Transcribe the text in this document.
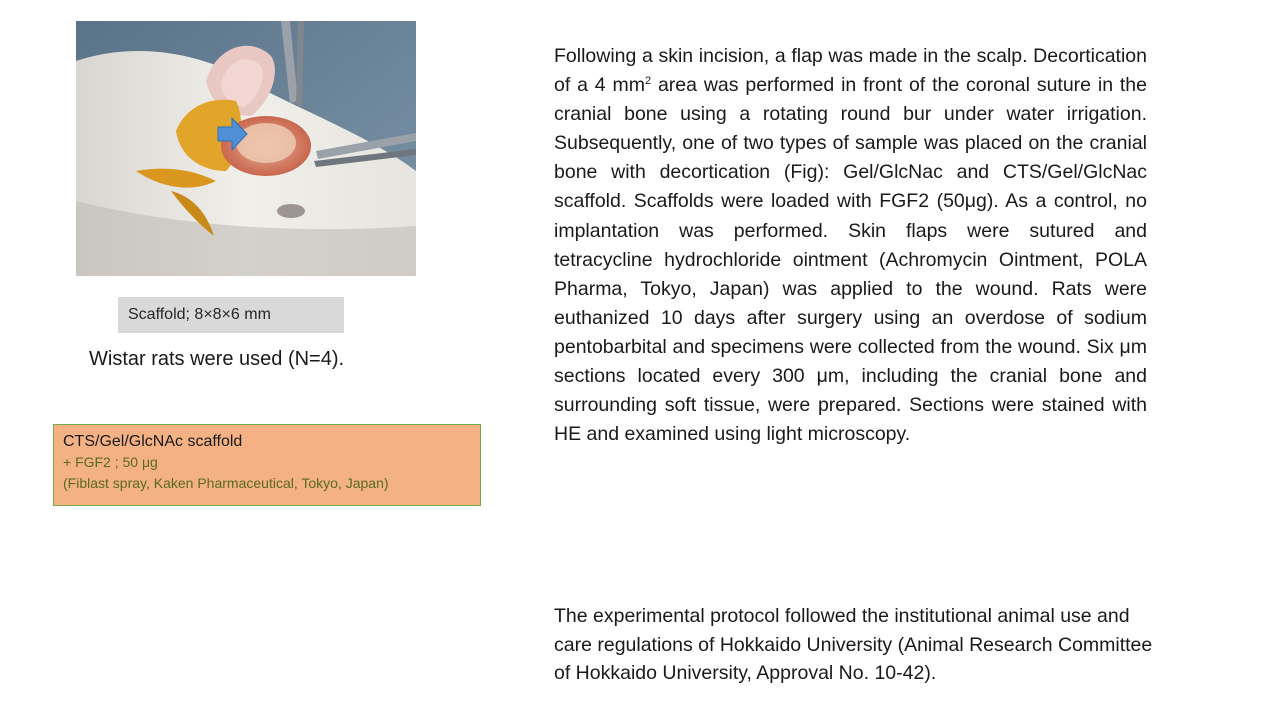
Scaffold; 8×8×6 mm
Wistar rats were used (N=4).
CTS/Gel/GlcNAc scaffold
+ FGF2 ; 50 μg
(Fiblast spray, Kaken Pharmaceutical, Tokyo, Japan)

Following a skin incision, a flap was made in the scalp. Decortication of a 4 $mm^2$ area was performed in front of the coronal suture in the cranial bone using a rotating round bur under water irrigation. Subsequently, one of two types of sample was placed on the cranial bone with decortication (Fig): Gel/GlcNac and CTS/Gel/GlcNac scaffold. Scaffolds were loaded with FGF2 (50μg). As a control, no implantation was performed. Skin flaps were sutured and tetracycline hydrochloride ointment (Achromycin Ointment, POLA Pharma, Tokyo, Japan) was applied to the wound. Rats were euthanized 10 days after surgery using an overdose of sodium pentobarbital and specimens were collected from the wound. Six μm sections located every 300 μm, including the cranial bone and surrounding soft tissue, were prepared. Sections were stained with HE and examined using light microscopy.

The experimental protocol followed the institutional animal use and care regulations of Hokkaido University (Animal Research Committee of Hokkaido University, Approval No. 10-42).
